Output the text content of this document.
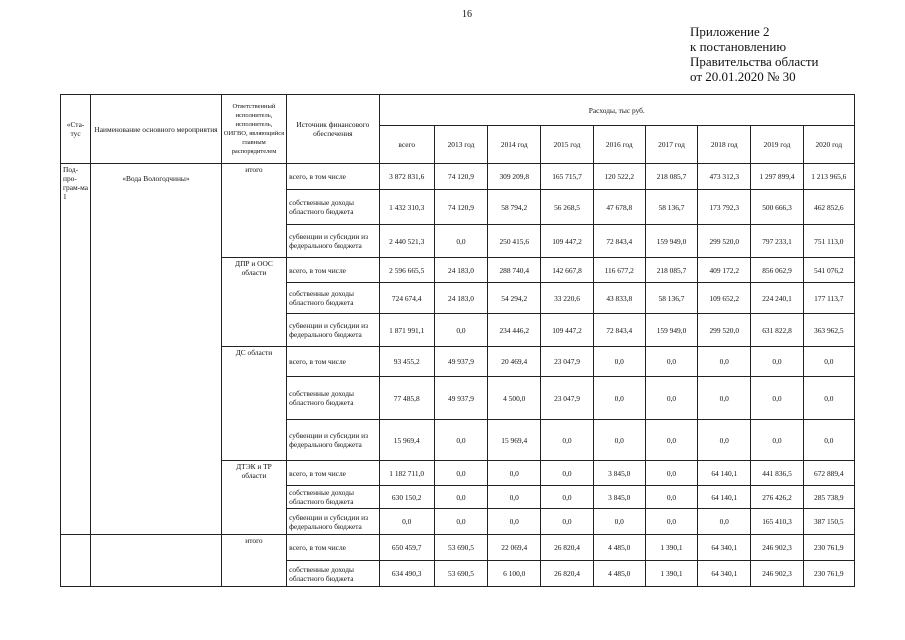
16
Приложение 2
к постановлению
Правительства области
от 20.01.2020 № 30
«Ста-тус	Наименование основного мероприятия	Ответственный исполнитель, исполнитель, ОИГВО, являющийся главным распорядителем	Источник финансового обеспечения	Расходы, тыс руб.								
				всего	2013 год	2014 год	2015 год	2016 год	2017 год	2018 год	2019 год	2020 год
Под-про-грам-ма 1	«Вода Вологодчины»	итого	всего, в том числе	3 872 831,6	74 120,9	309 209,8	165 715,7	120 522,2	218 085,7	473 312,3	1 297 899,4	1 213 965,6
			собственные доходы областного бюджета	1 432 310,3	74 120,9	58 794,2	56 268,5	47 678,8	58 136,7	173 792,3	500 666,3	462 852,6
			субвенции и субсидии из федерального бюджета	2 440 521,3	0,0	250 415,6	109 447,2	72 843,4	159 949,0	299 520,0	797 233,1	751 113,0
		ДПР и ООС области	всего, в том числе	2 596 665,5	24 183,0	288 740,4	142 667,8	116 677,2	218 085,7	409 172,2	856 062,9	541 076,2
			собственные доходы областного бюджета	724 674,4	24 183,0	54 294,2	33 220,6	43 833,8	58 136,7	109 652,2	224 240,1	177 113,7
			субвенции и субсидии из федерального бюджета	1 871 991,1	0,0	234 446,2	109 447,2	72 843,4	159 949,0	299 520,0	631 822,8	363 962,5
		ДС области	всего, в том числе	93 455,2	49 937,9	20 469,4	23 047,9	0,0	0,0	0,0	0,0	0,0
			собственные доходы областного бюджета	77 485,8	49 937,9	4 500,0	23 047,9	0,0	0,0	0,0	0,0	0,0
			субвенции и субсидии из федерального бюджета	15 969,4	0,0	15 969,4	0,0	0,0	0,0	0,0	0,0	0,0
		ДТЭК и ТР области	всего, в том числе	1 182 711,0	0,0	0,0	0,0	3 845,0	0,0	64 140,1	441 836,5	672 889,4
			собственные доходы областного бюджета	630 150,2	0,0	0,0	0,0	3 845,0	0,0	64 140,1	276 426,2	285 738,9
			субвенции и субсидии из федерального бюджета	0,0	0,0	0,0	0,0	0,0	0,0	0,0	165 410,3	387 150,5
		итого	всего, в том числе	650 459,7	53 690,5	22 069,4	26 820,4	4 485,0	1 390,1	64 340,1	246 902,3	230 761,9
			собственные доходы областного бюджета	634 490,3	53 690,5	6 100,0	26 820,4	4 485,0	1 390,1	64 340,1	246 902,3	230 761,9
